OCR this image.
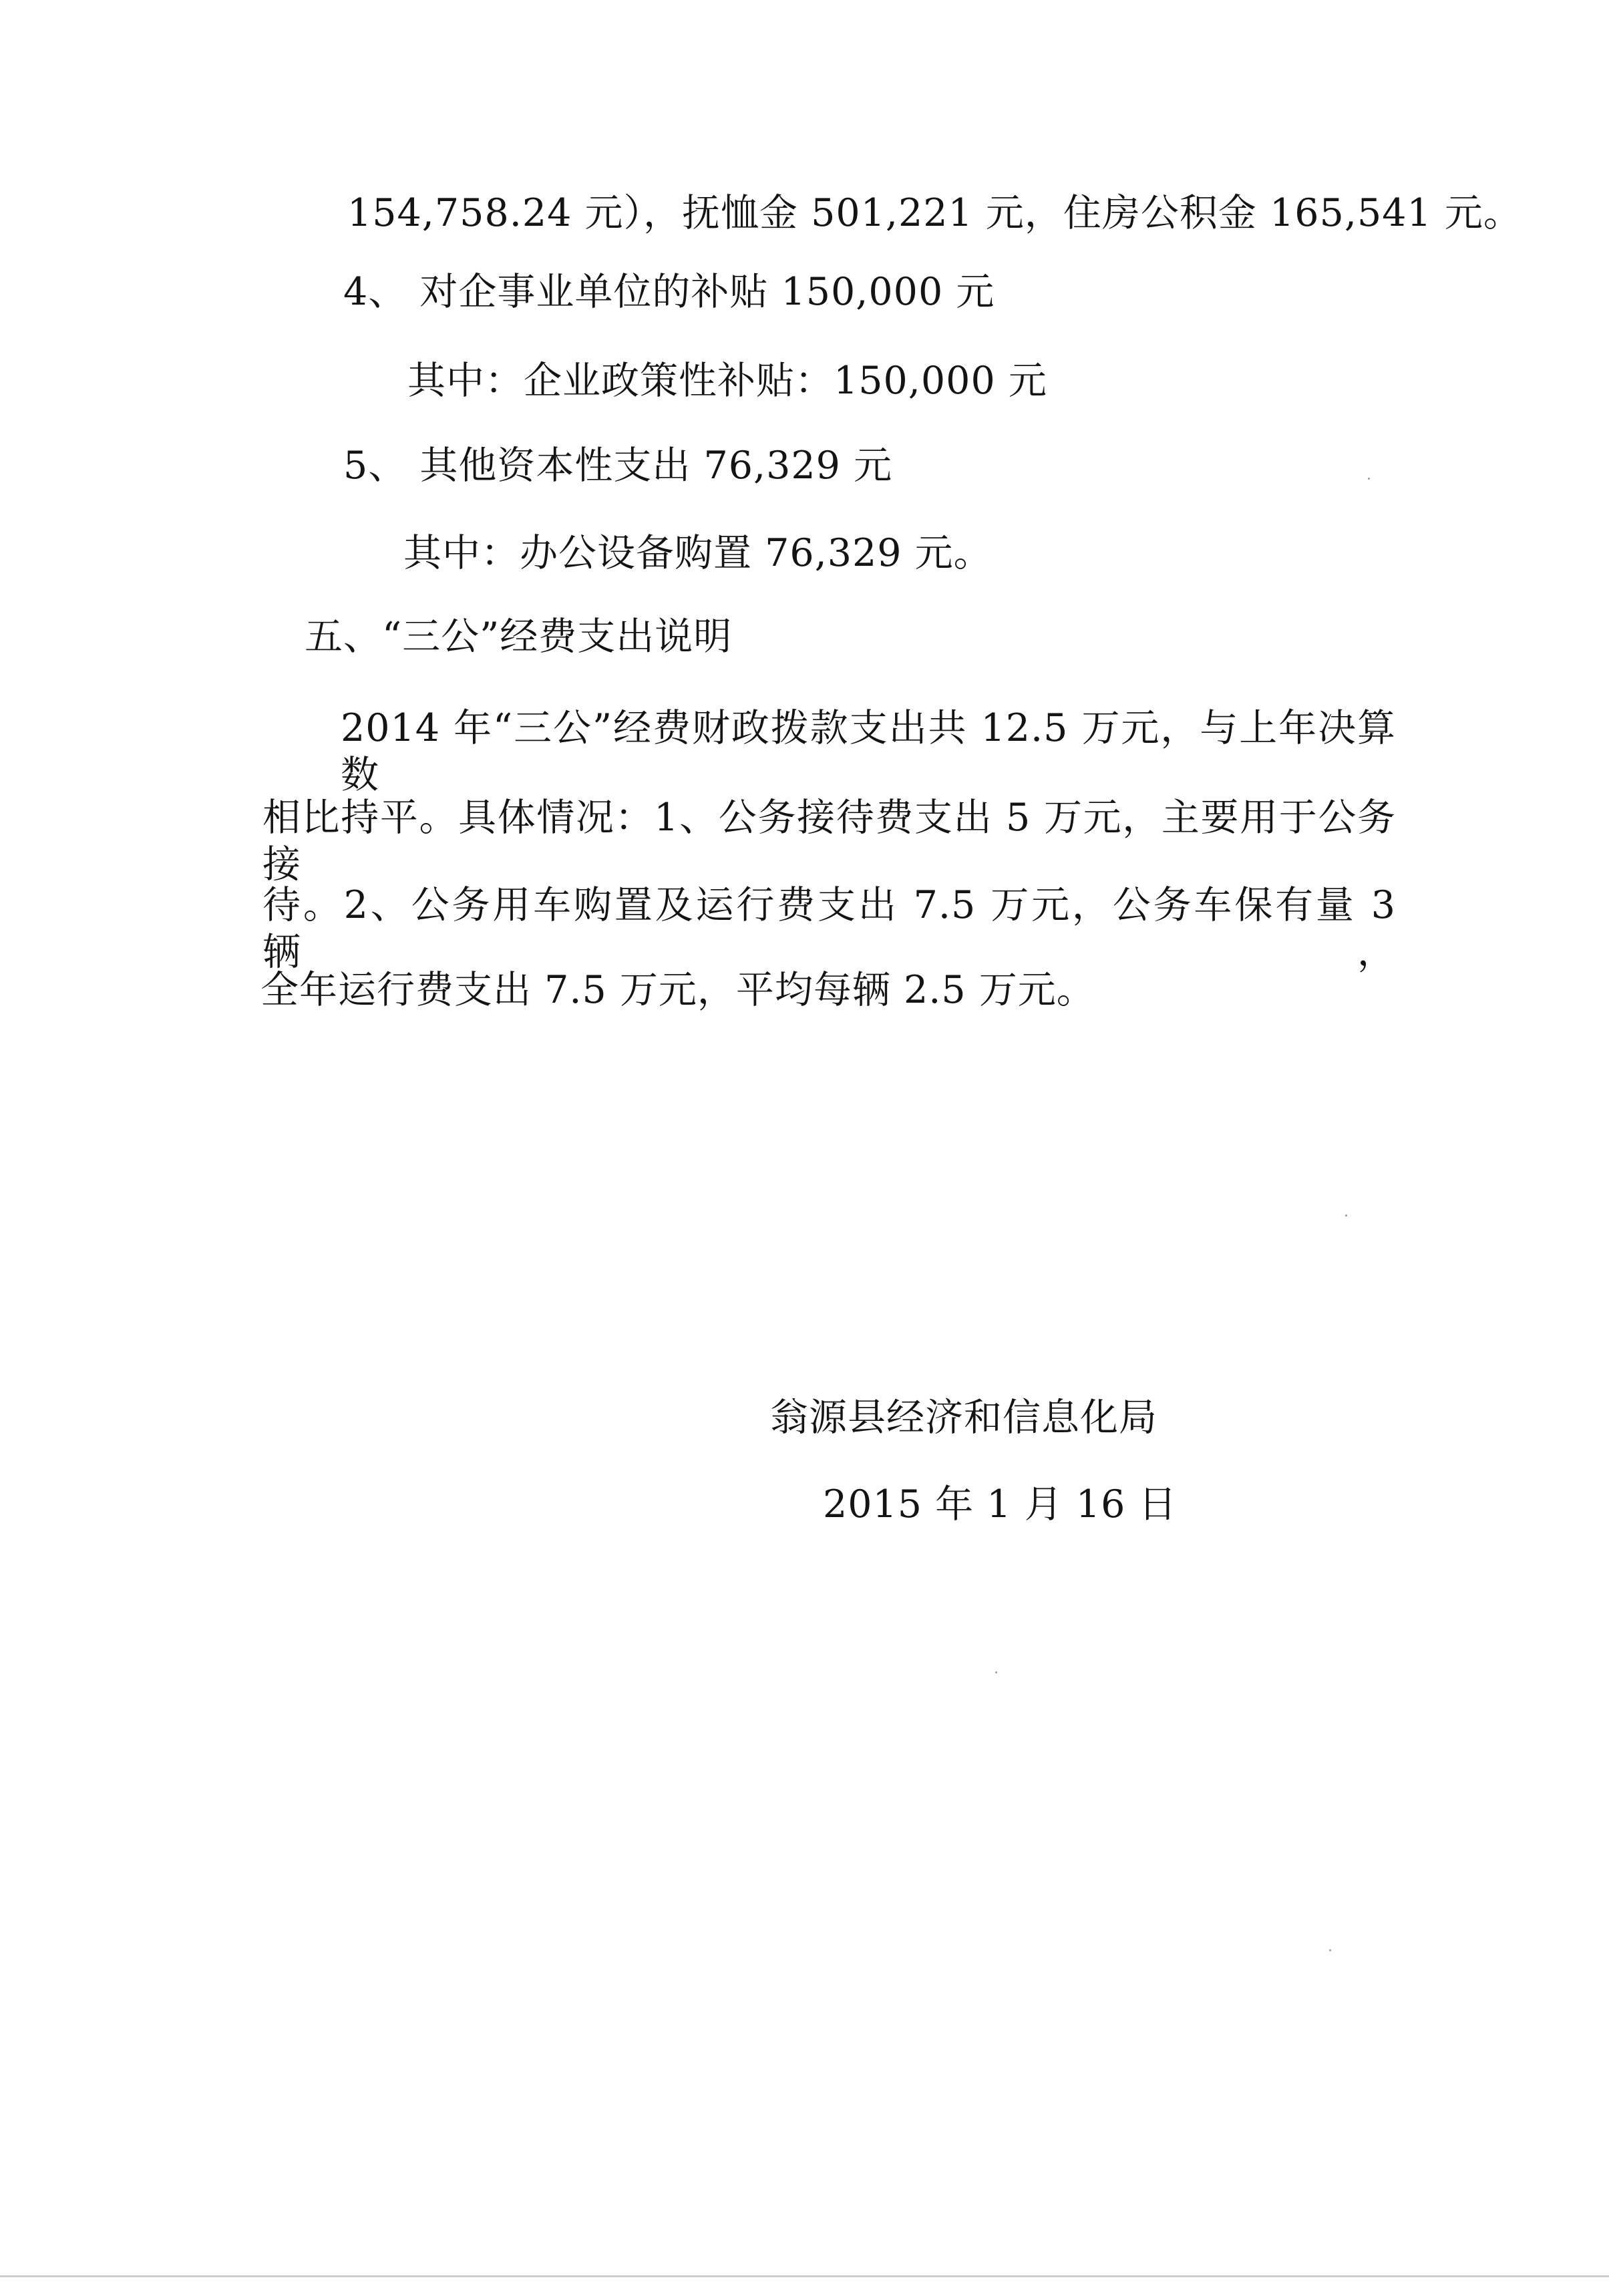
154,758.24 元），抚恤金 501,221 元，住房公积金 165,541 元。
4、 对企事业单位的补贴 150,000 元
其中：企业政策性补贴：150,000 元
5、 其他资本性支出 76,329 元
其中：办公设备购置 76,329 元。
五、“三公”经费支出说明
2014 年“三公”经费财政拨款支出共 12.5 万元，与上年决算数
相比持平。具体情况：1、公务接待费支出 5 万元，主要用于公务接
待。2、公务用车购置及运行费支出 7.5 万元，公务车保有量 3 辆，
全年运行费支出 7.5 万元，平均每辆 2.5 万元。
翁源县经济和信息化局
2015 年 1 月 16 日
